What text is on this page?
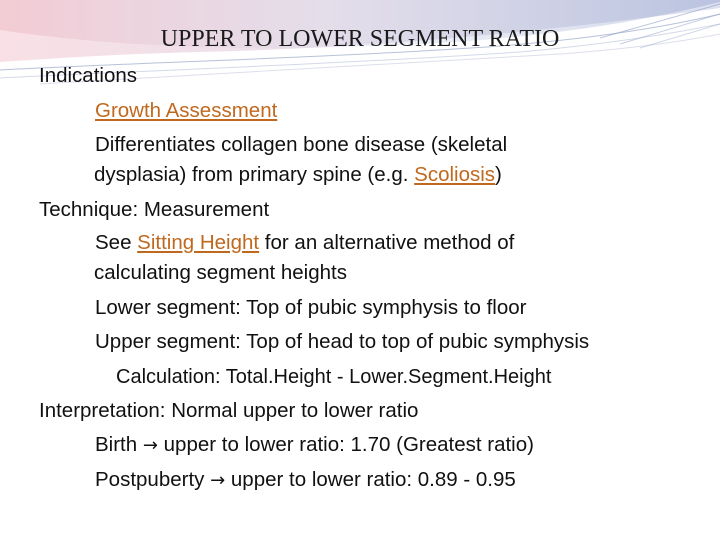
UPPER TO LOWER SEGMENT RATIO
Indications
Growth Assessment
Differentiates collagen bone disease (skeletal
dysplasia) from primary spine (e.g. Scoliosis)
Technique: Measurement
See Sitting Height for an alternative method of
calculating segment heights
Lower segment: Top of pubic symphysis to floor
Upper segment: Top of head to top of pubic symphysis
Calculation: Total.Height - Lower.Segment.Height
Interpretation: Normal upper to lower ratio
Birth → upper to lower ratio: 1.70 (Greatest ratio)
Postpuberty → upper to lower ratio: 0.89 - 0.95
